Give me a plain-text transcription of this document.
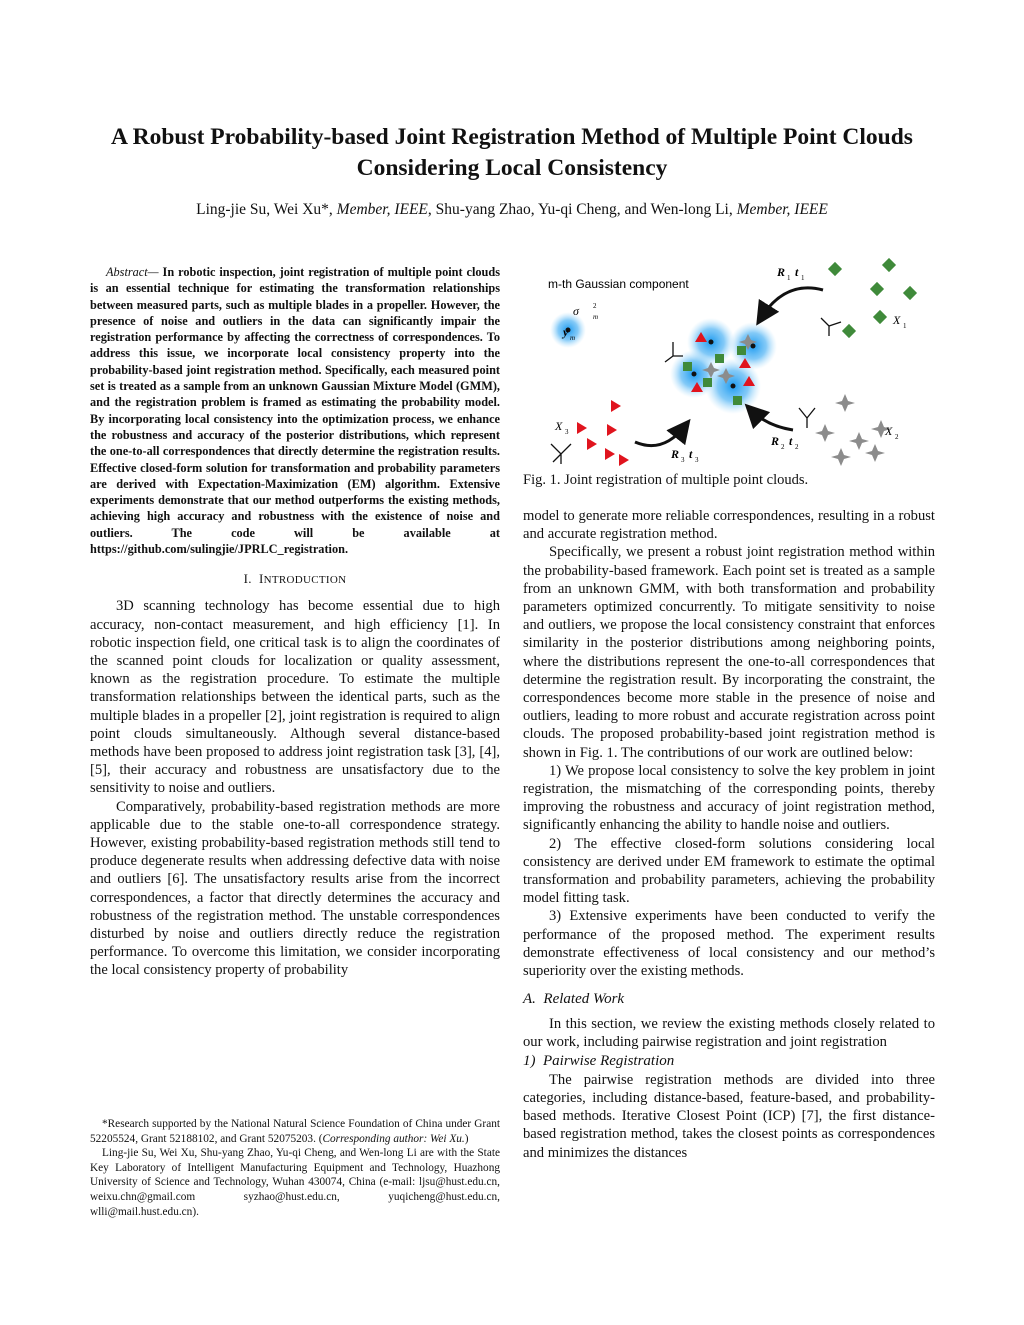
A Robust Probability-based Joint Registration Method of Multiple Point Clouds Considering Local Consistency
Ling-jie Su, Wei Xu*, Member, IEEE, Shu-yang Zhao, Yu-qi Cheng, and Wen-long Li, Member, IEEE

Abstract— In robotic inspection, joint registration of multiple point clouds is an essential technique for estimating the transformation relationships between measured parts, such as multiple blades in a propeller. However, the presence of noise and outliers in the data can significantly impair the registration performance by affecting the correctness of correspondences. To address this issue, we incorporate local consistency property into the probability-based joint registration method. Specifically, each measured point set is treated as a sample from an unknown Gaussian Mixture Model (GMM), and the registration problem is framed as estimating the probability model. By incorporating local consistency into the optimization process, we enhance the robustness and accuracy of the posterior distributions, which represent the one-to-all correspondences that directly determine the registration results. Effective closed-form solution for transformation and probability parameters are derived with Expectation-Maximization (EM) algorithm. Extensive experiments demonstrate that our method outperforms the existing methods, achieving high accuracy and robustness with the existence of noise and outliers. The code will be available at https://github.com/sulingjie/JPRLC_registration.

I.  INTRODUCTION

3D scanning technology has become essential due to high accuracy, non-contact measurement, and high efficiency [1]. In robotic inspection field, one critical task is to align the coordinates of the scanned point clouds for localization or quality assessment, known as the registration procedure. To estimate the multiple transformation relationships between the identical parts, such as the multiple blades in a propeller [2], joint registration is required to align point clouds simultaneously. Although several distance-based methods have been proposed to address joint registration task [3], [4], [5], their accuracy and robustness are unsatisfactory due to the sensitivity to noise and outliers.

Comparatively, probability-based registration methods are more applicable due to the stable one-to-all correspondence strategy. However, existing probability-based registration methods still tend to produce degenerate results when addressing defective data with noise and outliers [6]. The unsatisfactory results arise from the incorrect correspondences, a factor that directly determines the accuracy and robustness of the registration method. The unstable correspondences disturbed by noise and outliers directly reduce the registration performance. To overcome this limitation, we consider incorporating the local consistency property of probability

*Research supported by the National Natural Science Foundation of China under Grant 52205524, Grant 52188102, and Grant 52075203. (Corresponding author: Wei Xu.)

Ling-jie Su, Wei Xu, Shu-yang Zhao, Yu-qi Cheng, and Wen-long Li are with the State Key Laboratory of Intelligent Manufacturing Equipment and Technology, Huazhong University of Science and Technology, Wuhan 430074, China (e-mail: ljsu@hust.edu.cn, weixu.chn@gmail.com syzhao@hust.edu.cn, yuqicheng@hust.edu.cn, wlli@mail.hust.edu.cn).

m-th Gaussian component
σ 2
m
y m
X 1
R 1 t 1
X 2
R 2 t 2
X 3
R 3 t 3
Fig. 1. Joint registration of multiple point clouds.

model to generate more reliable correspondences, resulting in a robust and accurate registration method.

Specifically, we present a robust joint registration method within the probability-based framework. Each point set is treated as a sample from an unknown GMM, with both transformation and probability parameters optimized concurrently. To mitigate sensitivity to noise and outliers, we propose the local consistency constraint that enforces similarity in the posterior distributions among neighboring points, where the distributions represent the one-to-all correspondences that determine the registration result. By incorporating the constraint, the correspondences become more stable in the presence of noise and outliers, leading to more robust and accurate registration across point clouds. The proposed probability-based joint registration method is shown in Fig. 1. The contributions of our work are outlined below:

1) We propose local consistency to solve the key problem in joint registration, the mismatching of the corresponding points, thereby improving the robustness and accuracy of joint registration method, significantly enhancing the ability to handle noise and outliers.

2) The effective closed-form solutions considering local consistency are derived under EM framework to estimate the optimal transformation and probability parameters, achieving the probability model fitting task.

3) Extensive experiments have been conducted to verify the performance of the proposed method. The experiment results demonstrate effectiveness of local consistency and our method’s superiority over the existing methods.

A.  Related Work

In this section, we review the existing methods closely related to our work, including pairwise registration and joint registration

1)  Pairwise Registration

The pairwise registration methods are divided into three categories, including distance-based, feature-based, and probability-based methods. Iterative Closest Point (ICP) [7], the first distance-based registration method, takes the closest points as correspondences and minimizes the distances
